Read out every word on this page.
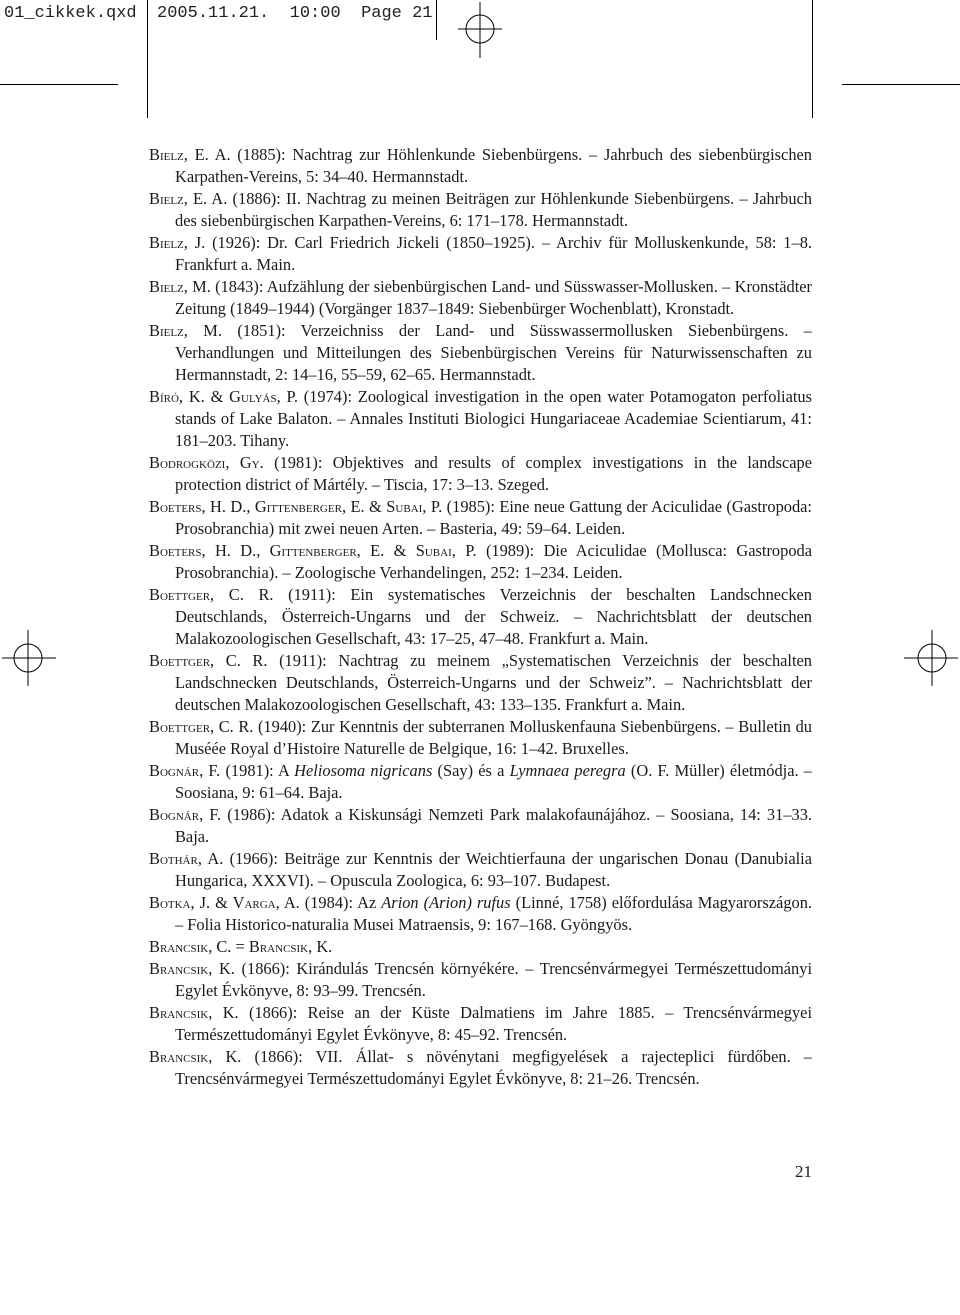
01_cikkek.qxd 2005.11.21. 10:00 Page 21

Bielz, E. A. (1885): Nachtrag zur Höhlenkunde Siebenbürgens. – Jahrbuch des siebenbürgischen Karpathen-Vereins, 5: 34–40. Hermannstadt.

Bielz, E. A. (1886): II. Nachtrag zu meinen Beiträgen zur Höhlenkunde Siebenbürgens. – Jahrbuch des siebenbürgischen Karpathen-Vereins, 6: 171–178. Hermannstadt.

Bielz, J. (1926): Dr. Carl Friedrich Jickeli (1850–1925). – Archiv für Molluskenkunde, 58: 1–8. Frankfurt a. Main.

Bielz, M. (1843): Aufzählung der siebenbürgischen Land- und Süsswasser-Mollusken. – Kronstädter Zeitung (1849–1944) (Vorgänger 1837–1849: Siebenbürger Wochenblatt), Kronstadt.

Bielz, M. (1851): Verzeichniss der Land- und Süsswassermollusken Siebenbürgens. – Verhandlungen und Mitteilungen des Siebenbürgischen Vereins für Naturwissenschaften zu Hermannstadt, 2: 14–16, 55–59, 62–65. Hermannstadt.

Bíró, K. & Gulyás, P. (1974): Zoological investigation in the open water Potamogaton perfoliatus stands of Lake Balaton. – Annales Instituti Biologici Hungariaceae Academiae Scientiarum, 41: 181–203. Tihany.

Bodrogközi, Gy. (1981): Objektives and results of complex investigations in the landscape protection district of Mártély. – Tiscia, 17: 3–13. Szeged.

Boeters, H. D., Gittenberger, E. & Subai, P. (1985): Eine neue Gattung der Aciculidae (Gastropoda: Prosobranchia) mit zwei neuen Arten. – Basteria, 49: 59–64. Leiden.

Boeters, H. D., Gittenberger, E. & Subai, P. (1989): Die Aciculidae (Mollusca: Gastropoda Prosobranchia). – Zoologische Verhandelingen, 252: 1–234. Leiden.

Boettger, C. R. (1911): Ein systematisches Verzeichnis der beschalten Landschnecken Deutschlands, Österreich-Ungarns und der Schweiz. – Nachrichtsblatt der deutschen Malakozoologischen Gesellschaft, 43: 17–25, 47–48. Frankfurt a. Main.

Boettger, C. R. (1911): Nachtrag zu meinem „Systematischen Verzeichnis der beschalten Landschnecken Deutschlands, Österreich-Ungarns und der Schweiz”. – Nachrichtsblatt der deutschen Malakozoologischen Gesellschaft, 43: 133–135. Frankfurt a. Main.

Boettger, C. R. (1940): Zur Kenntnis der subterranen Molluskenfauna Siebenbürgens. – Bulletin du Muséée Royal d’Histoire Naturelle de Belgique, 16: 1–42. Bruxelles.

Bognár, F. (1981): A Heliosoma nigricans (Say) és a Lymnaea peregra (O. F. Müller) életmódja. – Soosiana, 9: 61–64. Baja.

Bognár, F. (1986): Adatok a Kiskunsági Nemzeti Park malakofaunájához. – Soosiana, 14: 31–33. Baja.

Bothár, A. (1966): Beiträge zur Kenntnis der Weichtierfauna der ungarischen Donau (Danubialia Hungarica, XXXVI). – Opuscula Zoologica, 6: 93–107. Budapest.

Botka, J. & Varga, A. (1984): Az Arion (Arion) rufus (Linné, 1758) előfordulása Magyarországon. – Folia Historico-naturalia Musei Matraensis, 9: 167–168. Gyöngyös.

Brancsik, C. = Brancsik, K.

Brancsik, K. (1866): Kirándulás Trencsén környékére. – Trencsénvármegyei Természettudományi Egylet Évkönyve, 8: 93–99. Trencsén.

Brancsik, K. (1866): Reise an der Küste Dalmatiens im Jahre 1885. – Trencsénvármegyei Természettudományi Egylet Évkönyve, 8: 45–92. Trencsén.

Brancsik, K. (1866): VII. Állat- s növénytani megfigyelések a rajecteplici fürdőben. – Trencsénvármegyei Természettudományi Egylet Évkönyve, 8: 21–26. Trencsén.

21
